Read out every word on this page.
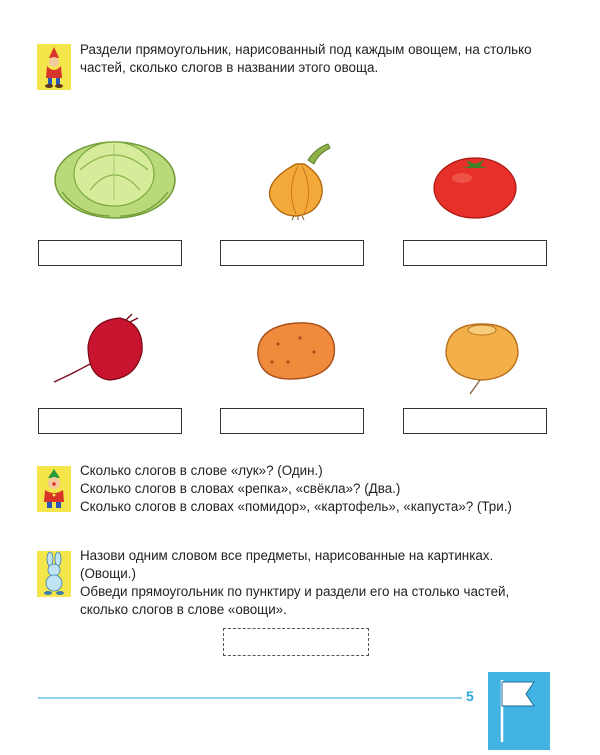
Раздели прямоугольник, нарисованный под каждым овощем, на столько
частей, сколько слогов в названии этого овоща.
Сколько слогов в слове «лук»? (Один.)
Сколько слогов в словах «репка», «свёкла»? (Два.)
Сколько слогов в словах «помидор», «картофель», «капуста»? (Три.)
Назови одним словом все предметы, нарисованные на картинках.
(Овощи.)
Обведи прямоугольник по пунктиру и раздели его на столько частей,
сколько слогов в слове «овощи».
5
